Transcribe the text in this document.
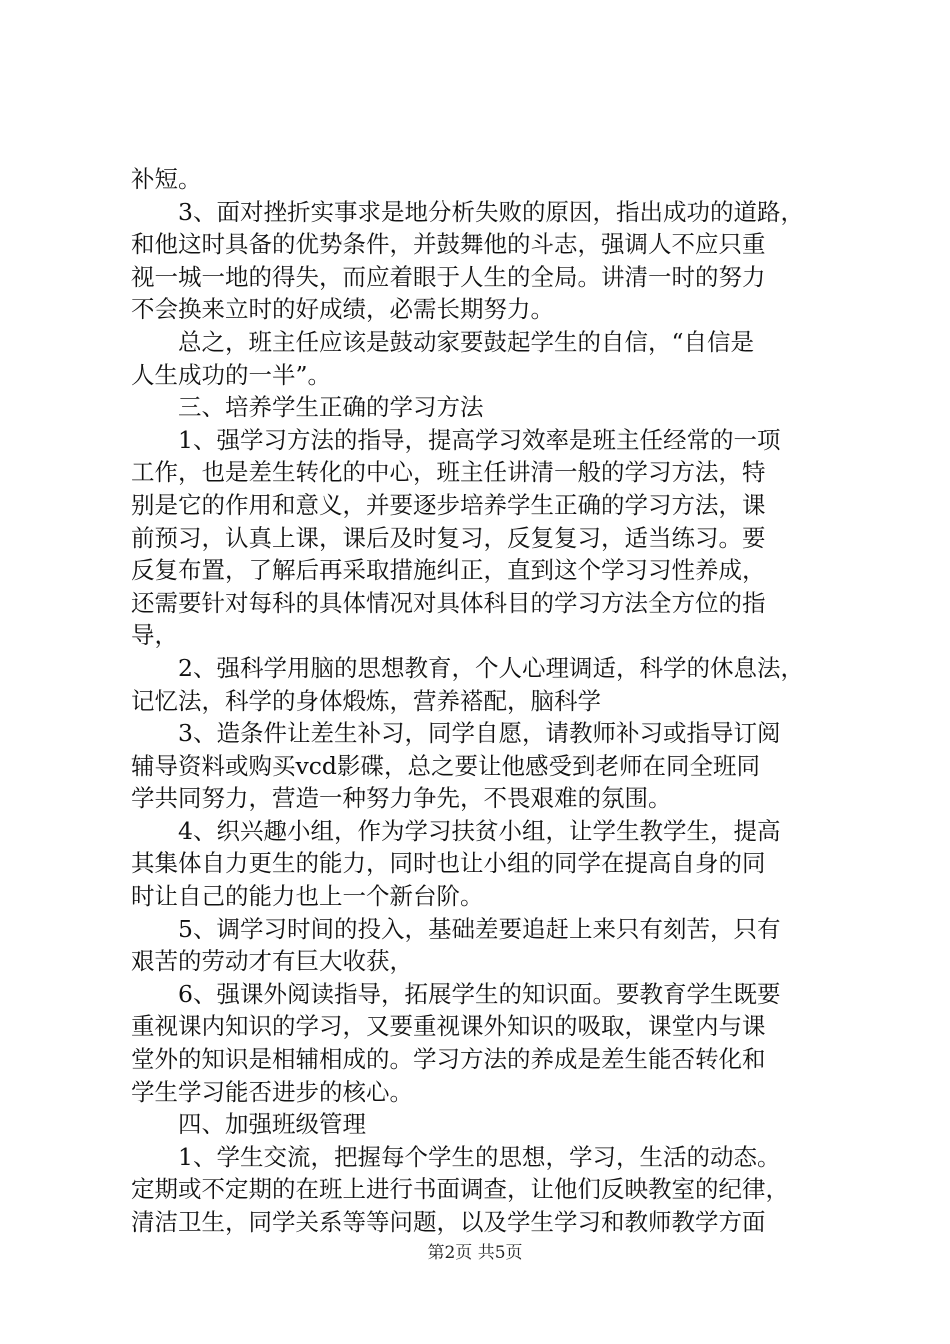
补短。
3、面对挫折实事求是地分析失败的原因，指出成功的道路，
和他这时具备的优势条件，并鼓舞他的斗志，强调人不应只重
视一城一地的得失，而应着眼于人生的全局。讲清一时的努力
不会换来立时的好成绩，必需长期努力。
总之，班主任应该是鼓动家要鼓起学生的自信，“自信是
人生成功的一半”。
三、培养学生正确的学习方法
1、强学习方法的指导，提高学习效率是班主任经常的一项
工作，也是差生转化的中心，班主任讲清一般的学习方法，特
别是它的作用和意义，并要逐步培养学生正确的学习方法，课
前预习，认真上课，课后及时复习，反复复习，适当练习。要
反复布置，了解后再采取措施纠正，直到这个学习习性养成，
还需要针对每科的具体情况对具体科目的学习方法全方位的指
导，
2、强科学用脑的思想教育，个人心理调适，科学的休息法，
记忆法，科学的身体煅炼，营养褡配，脑科学
3、造条件让差生补习，同学自愿，请教师补习或指导订阅
辅导资料或购买vcd影碟，总之要让他感受到老师在同全班同
学共同努力，营造一种努力争先，不畏艰难的氛围。
4、织兴趣小组，作为学习扶贫小组，让学生教学生，提高
其集体自力更生的能力，同时也让小组的同学在提高自身的同
时让自己的能力也上一个新台阶。
5、调学习时间的投入，基础差要追赶上来只有刻苦，只有
艰苦的劳动才有巨大收获，
6、强课外阅读指导，拓展学生的知识面。要教育学生既要
重视课内知识的学习，又要重视课外知识的吸取，课堂内与课
堂外的知识是相辅相成的。学习方法的养成是差生能否转化和
学生学习能否进步的核心。
四、加强班级管理
1、学生交流，把握每个学生的思想，学习，生活的动态。
定期或不定期的在班上进行书面调查，让他们反映教室的纪律，
清洁卫生，同学关系等等问题，以及学生学习和教师教学方面
第2页 共5页
